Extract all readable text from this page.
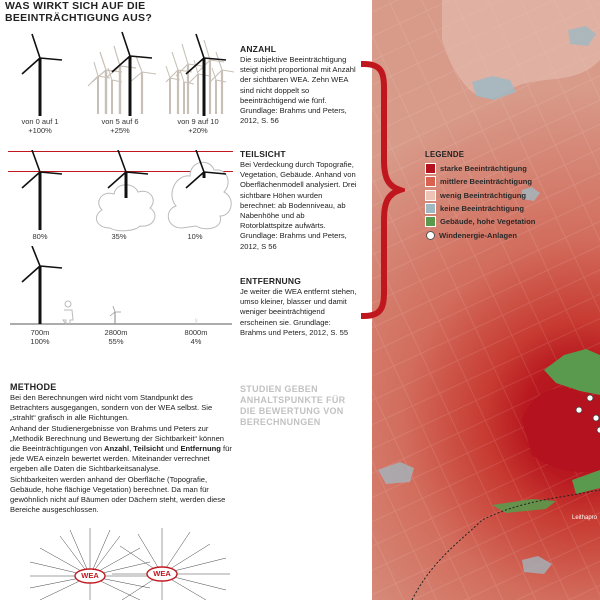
Leithapro
LEGENDE
starke Beeinträchtigung
mittlere Beeinträchtigung
wenig Beeinträchtigung
keine Beeinträchtigung
Gebäude, hohe Vegetation
Windenergie-Anlagen
WAS WIRKT SICH AUF DIE BEEINTRÄCHTIGUNG AUS?
von 0 auf 1
+100%
von 5 auf 6
+25%
von 9 auf 10
+20%
ANZAHL
Die subjektive Beeinträchtigung steigt nicht proportional mit Anzahl der sichtbaren WEA. Zehn WEA sind nicht doppelt so beeinträchtigend wie fünf. Grundlage: Brahms und Peters, 2012, S. 56
80%	35%	10%
TEILSICHT
Bei Verdeckung durch Topografie, Vegetation, Gebäude. Anhand von Oberflächenmodell analysiert. Drei sichtbare Höhen wurden berechnet: ab Bodenniveau, ab Nabenhöhe und ab Rotorblattspitze aufwärts. Grundlage: Brahms und Peters, 2012, S 56
700m
100%
2800m
55%
8000m
4%
ENTFERNUNG
Je weiter die WEA entfernt stehen, umso kleiner, blasser und damit weniger beeinträchtigend erscheinen sie. Grundlage: Brahms und Peters, 2012, S. 55
METHODE
Bei den Berechnungen wird nicht vom Standpunkt des Betrachters ausgegangen, sondern von der WEA selbst. Sie „strahlt“ grafisch in alle Richtungen.
Anhand der Studienergebnisse von Brahms und Peters zur „Methodik Berechnung und Bewertung der Sichtbarkeit“ können die Beeinträchtigungen von Anzahl, Teilsicht und Entfernung für jede WEA einzeln bewertet werden. Miteinander verrechnet ergeben alle Daten die Sichtbarkeitsanalyse.
Sichtbarkeiten werden anhand der Oberfläche (Topografie, Gebäude, hohe flächige Vegetation) berechnet. Da man für gewöhnlich nicht auf Bäumen oder Dächern steht, werden diese Bereiche ausgeschlossen.
STUDIEN GEBEN ANHALTSPUNKTE FÜR DIE BEWERTUNG VON BERECHNUNGEN
WEA	WEA
